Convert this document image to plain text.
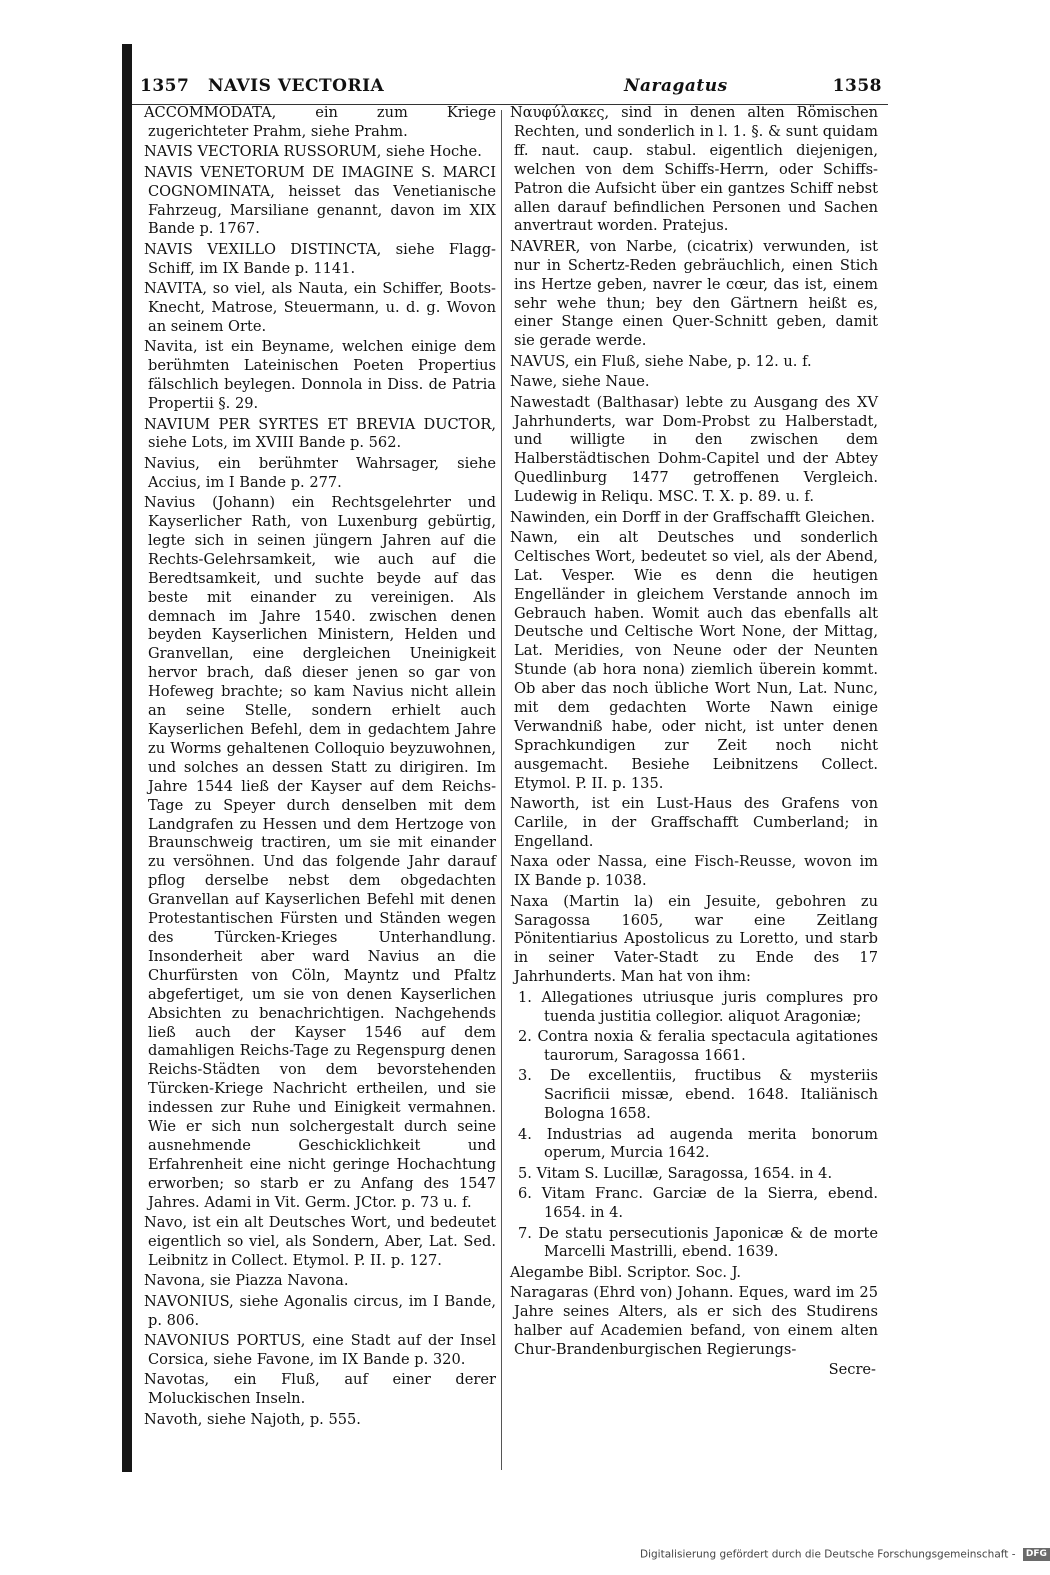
1357 NAVIS VECTORIA	Naragatus	1358

ACCOMMODATA, ein zum Kriege zugerichteter Prahm, siehe Prahm.

NAVIS VECTORIA RUSSORUM, siehe Hoche.

NAVIS VENETORUM DE IMAGINE S. MARCI COGNOMINATA, heisset das Venetianische Fahrzeug, Marsiliane genannt, davon im XIX Bande p. 1767.

NAVIS VEXILLO DISTINCTA, siehe Flagg-Schiff, im IX Bande p. 1141.

NAVITA, so viel, als Nauta, ein Schiffer, Boots-Knecht, Matrose, Steuermann, u. d. g. Wovon an seinem Orte.

Navita, ist ein Beyname, welchen einige dem berühmten Lateinischen Poeten Propertius fälschlich beylegen. Donnola in Diss. de Patria Propertii §. 29.

NAVIUM PER SYRTES ET BREVIA DUCTOR, siehe Lots, im XVIII Bande p. 562.

Navius, ein berühmter Wahrsager, siehe Accius, im I Bande p. 277.

Navius (Johann) ein Rechtsgelehrter und Kayserlicher Rath, von Luxenburg gebürtig, legte sich in seinen jüngern Jahren auf die Rechts-Gelehrsamkeit, wie auch auf die Beredtsamkeit, und suchte beyde auf das beste mit einander zu vereinigen. Als demnach im Jahre 1540. zwischen denen beyden Kayserlichen Ministern, Helden und Granvellan, eine dergleichen Uneinigkeit hervor brach, daß dieser jenen so gar von Hofeweg brachte; so kam Navius nicht allein an seine Stelle, sondern erhielt auch Kayserlichen Befehl, dem in gedachtem Jahre zu Worms gehaltenen Colloquio beyzuwohnen, und solches an dessen Statt zu dirigiren. Im Jahre 1544 ließ der Kayser auf dem Reichs-Tage zu Speyer durch denselben mit dem Landgrafen zu Hessen und dem Hertzoge von Braunschweig tractiren, um sie mit einander zu versöhnen. Und das folgende Jahr darauf pflog derselbe nebst dem obgedachten Granvellan auf Kayserlichen Befehl mit denen Protestantischen Fürsten und Ständen wegen des Türcken-Krieges Unterhandlung. Insonderheit aber ward Navius an die Churfürsten von Cöln, Mayntz und Pfaltz abgefertiget, um sie von denen Kayserlichen Absichten zu benachrichtigen. Nachgehends ließ auch der Kayser 1546 auf dem damahligen Reichs-Tage zu Regenspurg denen Reichs-Städten von dem bevorstehenden Türcken-Kriege Nachricht ertheilen, und sie indessen zur Ruhe und Einigkeit vermahnen. Wie er sich nun solchergestalt durch seine ausnehmende Geschicklichkeit und Erfahrenheit eine nicht geringe Hochachtung erworben; so starb er zu Anfang des 1547 Jahres. Adami in Vit. Germ. JCtor. p. 73 u. f.

Navo, ist ein alt Deutsches Wort, und bedeutet eigentlich so viel, als Sondern, Aber, Lat. Sed. Leibnitz in Collect. Etymol. P. II. p. 127.

Navona, sie Piazza Navona.

NAVONIUS, siehe Agonalis circus, im I Bande, p. 806.

NAVONIUS PORTUS, eine Stadt auf der Insel Corsica, siehe Favone, im IX Bande p. 320.

Navotas, ein Fluß, auf einer derer Moluckischen Inseln.

Navoth, siehe Najoth, p. 555.

Ναυφύλακες, sind in denen alten Römischen Rechten, und sonderlich in l. 1. §. & sunt quidam ff. naut. caup. stabul. eigentlich diejenigen, welchen von dem Schiffs-Herrn, oder Schiffs-Patron die Aufsicht über ein gantzes Schiff nebst allen darauf befindlichen Personen und Sachen anvertraut worden. Pratejus.

NAVRER, von Narbe, (cicatrix) verwunden, ist nur in Schertz-Reden gebräuchlich, einen Stich ins Hertze geben, navrer le cœur, das ist, einem sehr wehe thun; bey den Gärtnern heißt es, einer Stange einen Quer-Schnitt geben, damit sie gerade werde.

NAVUS, ein Fluß, siehe Nabe, p. 12. u. f.

Nawe, siehe Naue.

Nawestadt (Balthasar) lebte zu Ausgang des XV Jahrhunderts, war Dom-Probst zu Halberstadt, und willigte in den zwischen dem Halberstädtischen Dohm-Capitel und der Abtey Quedlinburg 1477 getroffenen Vergleich. Ludewig in Reliqu. MSC. T. X. p. 89. u. f.

Nawinden, ein Dorff in der Graffschafft Gleichen.

Nawn, ein alt Deutsches und sonderlich Celtisches Wort, bedeutet so viel, als der Abend, Lat. Vesper. Wie es denn die heutigen Engelländer in gleichem Verstande annoch im Gebrauch haben. Womit auch das ebenfalls alt Deutsche und Celtische Wort None, der Mittag, Lat. Meridies, von Neune oder der Neunten Stunde (ab hora nona) ziemlich überein kommt. Ob aber das noch übliche Wort Nun, Lat. Nunc, mit dem gedachten Worte Nawn einige Verwandniß habe, oder nicht, ist unter denen Sprachkundigen zur Zeit noch nicht ausgemacht. Besiehe Leibnitzens Collect. Etymol. P. II. p. 135.

Naworth, ist ein Lust-Haus des Grafens von Carlile, in der Graffschafft Cumberland; in Engelland.

Naxa oder Nassa, eine Fisch-Reusse, wovon im IX Bande p. 1038.

Naxa (Martin la) ein Jesuite, gebohren zu Saragossa 1605, war eine Zeitlang Pönitentiarius Apostolicus zu Loretto, und starb in seiner Vater-Stadt zu Ende des 17 Jahrhunderts. Man hat von ihm:

1. Allegationes utriusque juris complures pro tuenda justitia collegior. aliquot Aragoniæ;

2. Contra noxia & feralia spectacula agitationes taurorum, Saragossa 1661.

3. De excellentiis, fructibus & mysteriis Sacrificii missæ, ebend. 1648. Italiänisch Bologna 1658.

4. Industrias ad augenda merita bonorum operum, Murcia 1642.

5. Vitam S. Lucillæ, Saragossa, 1654. in 4.

6. Vitam Franc. Garciæ de la Sierra, ebend. 1654. in 4.

7. De statu persecutionis Japonicæ & de morte Marcelli Mastrilli, ebend. 1639.

Alegambe Bibl. Scriptor. Soc. J.

Naragaras (Ehrd von) Johann. Eques, ward im 25 Jahre seines Alters, als er sich des Studirens halber auf Academien befand, von einem alten Chur-Brandenburgischen Regierungs-

Secre-

Digitalisierung gefördert durch die Deutsche Forschungsgemeinschaft - DFG
